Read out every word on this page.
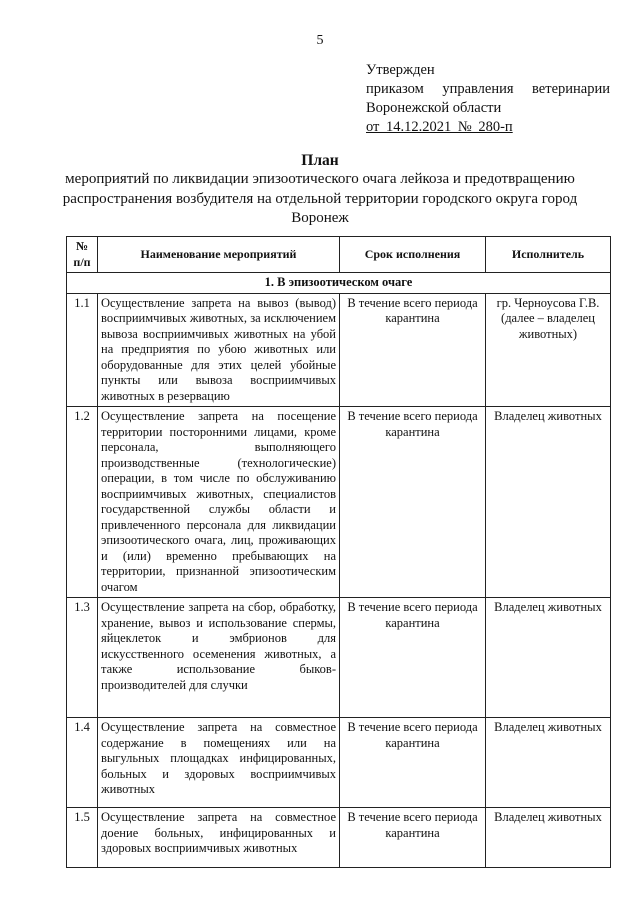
5
Утвержден
приказом управления ветеринарии
Воронежской области
от 14.12.2021 № 280-п
План
мероприятий по ликвидации эпизоотического очага лейкоза и предотвращению распространения возбудителя на отдельной территории городского округа город Воронеж
№ п/п	Наименование мероприятий	Срок исполнения	Исполнитель
1. В эпизоотическом очаге			
1.1	Осуществление запрета на вывоз (вывод) восприимчивых животных, за исключением вывоза восприимчивых животных на убой на предприятия по убою животных или оборудованные для этих целей убойные пункты или вывоза восприимчивых животных в резервацию	В течение всего периода карантина	гр. Черноусова Г.В. (далее – владелец животных)
1.2	Осуществление запрета на посещение территории посторонними лицами, кроме персонала, выполняющего производственные (технологические) операции, в том числе по обслуживанию восприимчивых животных, специалистов государственной службы области и привлеченного персонала для ликвидации эпизоотического очага, лиц, проживающих и (или) временно пребывающих на территории, признанной эпизоотическим очагом	В течение всего периода карантина	Владелец животных
1.3	Осуществление запрета на сбор, обработку, хранение, вывоз и использование спермы, яйцеклеток и эмбрионов для искусственного осеменения животных, а также использование быков-производителей для случки	В течение всего периода карантина	Владелец животных
1.4	Осуществление запрета на совместное содержание в помещениях или на выгульных площадках инфицированных, больных и здоровых восприимчивых животных	В течение всего периода карантина	Владелец животных
1.5	Осуществление запрета на совместное доение больных, инфицированных и здоровых восприимчивых животных	В течение всего периода карантина	Владелец животных
